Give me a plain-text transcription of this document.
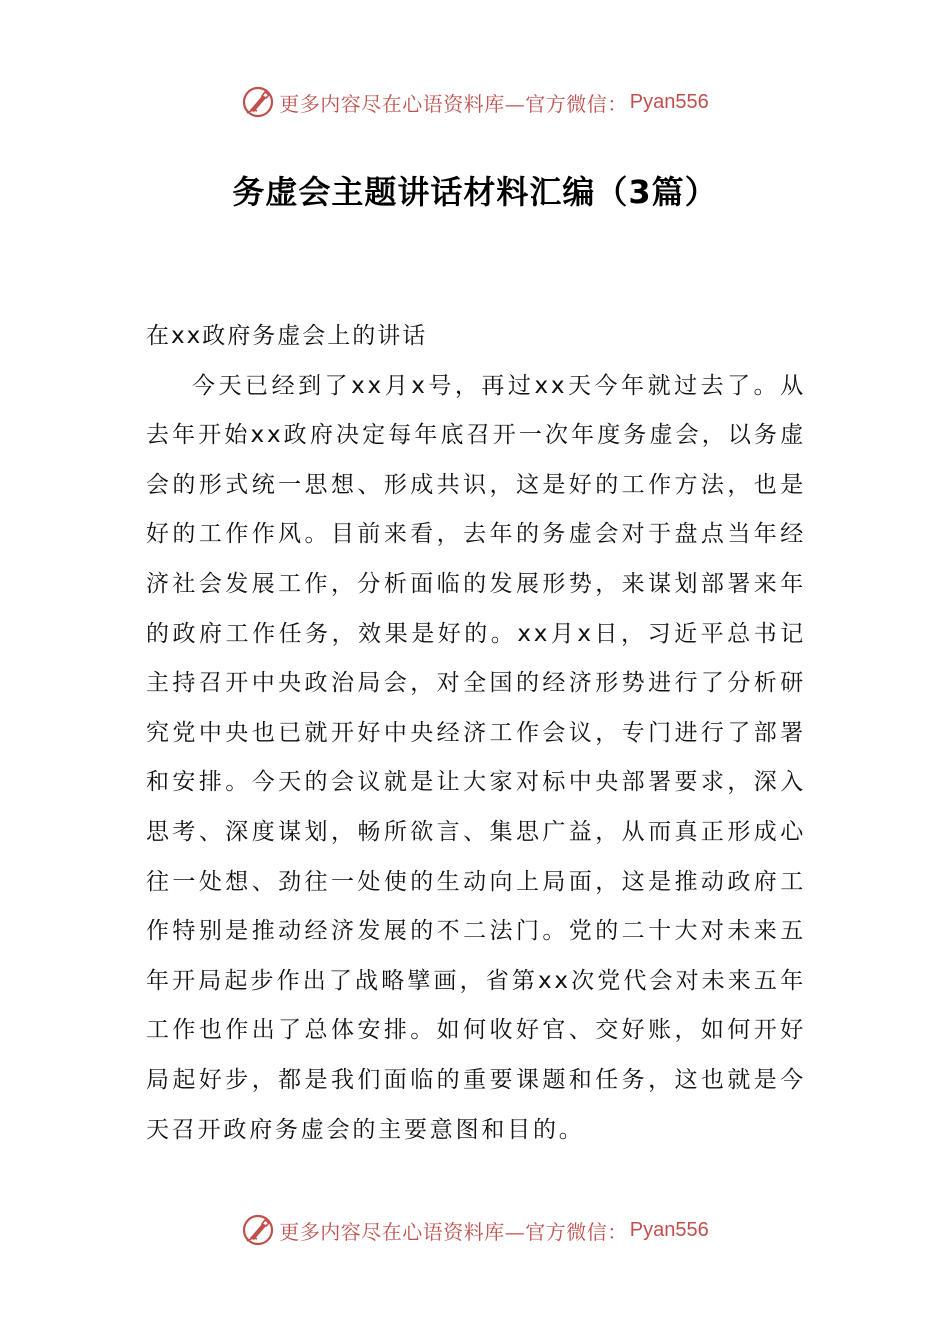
更多内容尽在心语资料库—官方微信： Pyan556
务虚会主题讲话材料汇编（3篇）

在xx政府务虚会上的讲话

今天已经到了xx月x号，再过xx天今年就过去了。从去年开始xx政府决定每年底召开一次年度务虚会，以务虚会的形式统一思想、形成共识，这是好的工作方法，也是好的工作作风。目前来看，去年的务虚会对于盘点当年经济社会发展工作，分析面临的发展形势，来谋划部署来年的政府工作任务，效果是好的。xx月x日，习近平总书记主持召开中央政治局会，对全国的经济形势进行了分析研究党中央也已就开好中央经济工作会议，专门进行了部署和安排。今天的会议就是让大家对标中央部署要求，深入思考、深度谋划，畅所欲言、集思广益，从而真正形成心往一处想、劲往一处使的生动向上局面，这是推动政府工作特别是推动经济发展的不二法门。党的二十大对未来五年开局起步作出了战略擘画，省第xx次党代会对未来五年工作也作出了总体安排。如何收好官、交好账，如何开好局起好步，都是我们面临的重要课题和任务，这也就是今天召开政府务虚会的主要意图和目的。

更多内容尽在心语资料库—官方微信： Pyan556
